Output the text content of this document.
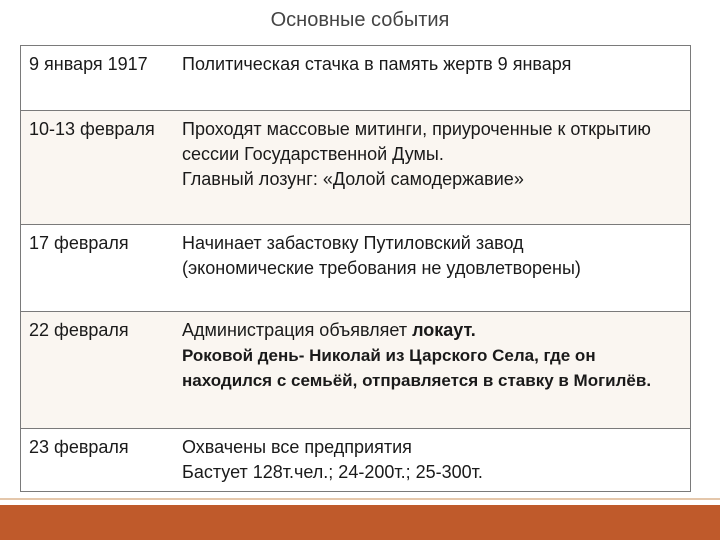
Основные события
9 января 1917	Политическая стачка в память жертв 9 января

10-13 февраля	Проходят массовые митинги, приуроченные к открытию сессии Государственной Думы.
Главный лозунг: «Долой самодержавие»

17 февраля	Начинает забастовку Путиловский завод
(экономические требования не удовлетворены)

22 февраля	Администрация объявляет локаут.
Роковой день- Николай из Царского Села, где он находился с семьёй, отправляется в ставку в Могилёв.

23 февраля	Охвачены все предприятия
Бастует 128т.чел.; 24-200т.; 25-300т.
